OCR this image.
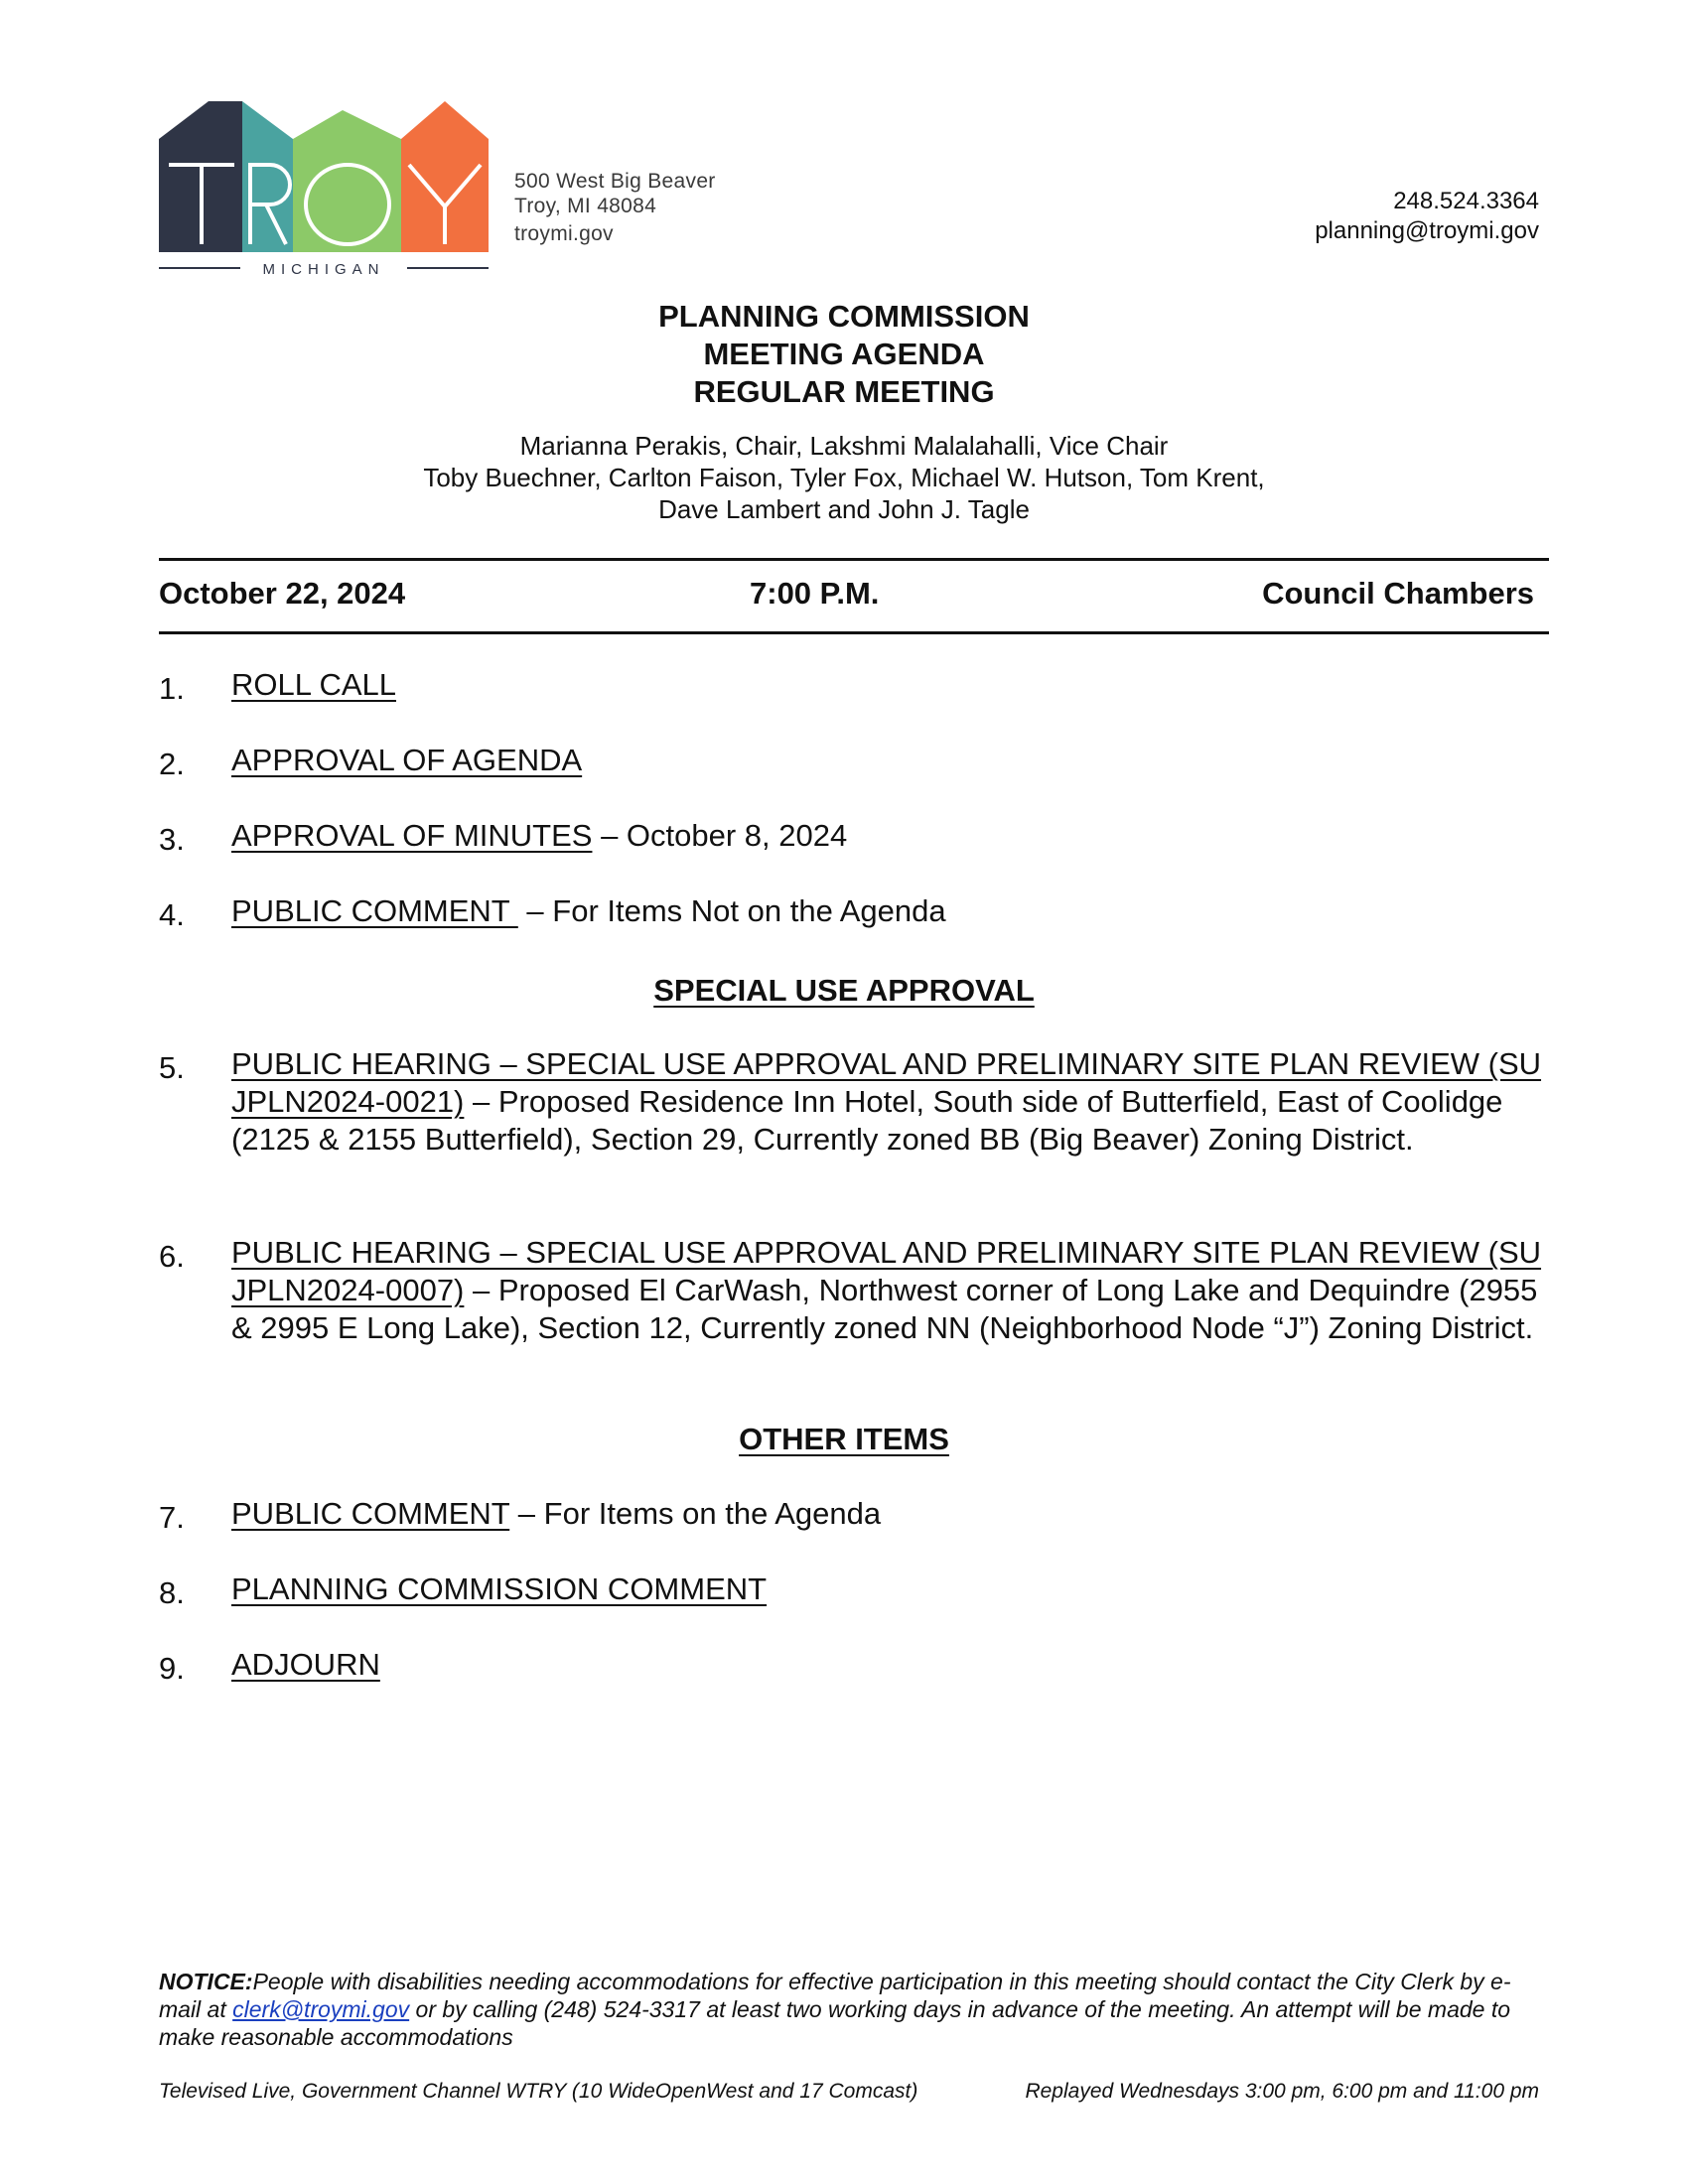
MICHIGAN
500 West Big Beaver
Troy, MI 48084
troymi.gov
248.524.3364
planning@troymi.gov
PLANNING COMMISSION
MEETING AGENDA
REGULAR MEETING
Marianna Perakis, Chair, Lakshmi Malalahalli, Vice Chair
Toby Buechner, Carlton Faison, Tyler Fox, Michael W. Hutson, Tom Krent,
Dave Lambert and John J. Tagle
October 22, 2024	7:00 P.M.	Council Chambers
1. ROLL CALL
2. APPROVAL OF AGENDA
3. APPROVAL OF MINUTES – October 8, 2024
4. PUBLIC COMMENT  – For Items Not on the Agenda
SPECIAL USE APPROVAL
5. PUBLIC HEARING – SPECIAL USE APPROVAL AND PRELIMINARY SITE PLAN REVIEW (SU JPLN2024-0021) – Proposed Residence Inn Hotel, South side of Butterfield, East of Coolidge (2125 & 2155 Butterfield), Section 29, Currently zoned BB (Big Beaver) Zoning District.
6. PUBLIC HEARING – SPECIAL USE APPROVAL AND PRELIMINARY SITE PLAN REVIEW (SU JPLN2024-0007) – Proposed El CarWash, Northwest corner of Long Lake and Dequindre (2955 & 2995 E Long Lake), Section 12, Currently zoned NN (Neighborhood Node “J”) Zoning District.
OTHER ITEMS
7. PUBLIC COMMENT – For Items on the Agenda
8. PLANNING COMMISSION COMMENT
9. ADJOURN
NOTICE:People with disabilities needing accommodations for effective participation in this meeting should contact the City Clerk by e-mail at clerk@troymi.gov or by calling (248) 524-3317 at least two working days in advance of the meeting. An attempt will be made to make reasonable accommodations
Televised Live, Government Channel WTRY (10 WideOpenWest and 17 Comcast)	Replayed Wednesdays 3:00 pm, 6:00 pm and 11:00 pm
